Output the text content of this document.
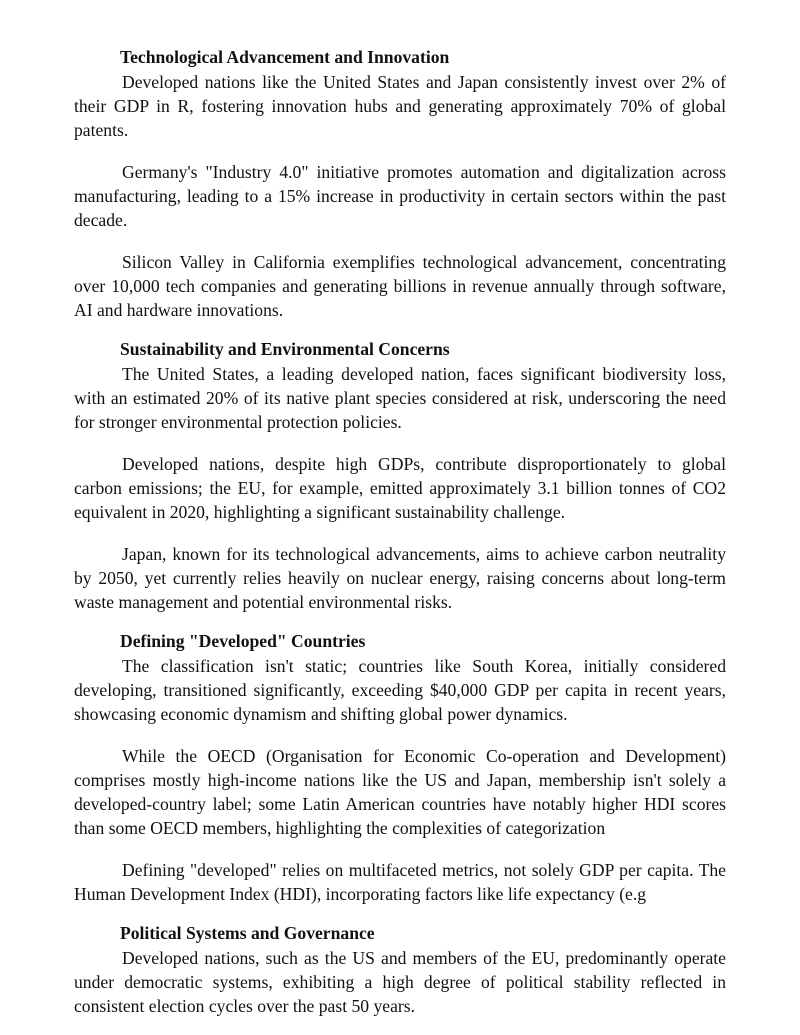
Technological Advancement and Innovation

Developed nations like the United States and Japan consistently invest over 2% of their GDP in R, fostering innovation hubs and generating approximately 70% of global patents.

Germany's "Industry 4.0" initiative promotes automation and digitalization across manufacturing, leading to a 15% increase in productivity in certain sectors within the past decade.

Silicon Valley in California exemplifies technological advancement, concentrating over 10,000 tech companies and generating billions in revenue annually through software, AI and hardware innovations.

Sustainability and Environmental Concerns

The United States, a leading developed nation, faces significant biodiversity loss, with an estimated 20% of its native plant species considered at risk, underscoring the need for stronger environmental protection policies.

Developed nations, despite high GDPs, contribute disproportionately to global carbon emissions; the EU, for example, emitted approximately 3.1 billion tonnes of CO2 equivalent in 2020, highlighting a significant sustainability challenge.

Japan, known for its technological advancements, aims to achieve carbon neutrality by 2050, yet currently relies heavily on nuclear energy, raising concerns about long-term waste management and potential environmental risks.

Defining "Developed" Countries

The classification isn't static; countries like South Korea, initially considered developing, transitioned significantly, exceeding $40,000 GDP per capita in recent years, showcasing economic dynamism and shifting global power dynamics.

While the OECD (Organisation for Economic Co-operation and Development) comprises mostly high-income nations like the US and Japan, membership isn't solely a developed-country label; some Latin American countries have notably higher HDI scores than some OECD members, highlighting the complexities of categorization

Defining "developed" relies on multifaceted metrics, not solely GDP per capita. The Human Development Index (HDI), incorporating factors like life expectancy (e.g

Political Systems and Governance

Developed nations, such as the US and members of the EU, predominantly operate under democratic systems, exhibiting a high degree of political stability reflected in consistent election cycles over the past 50 years.
